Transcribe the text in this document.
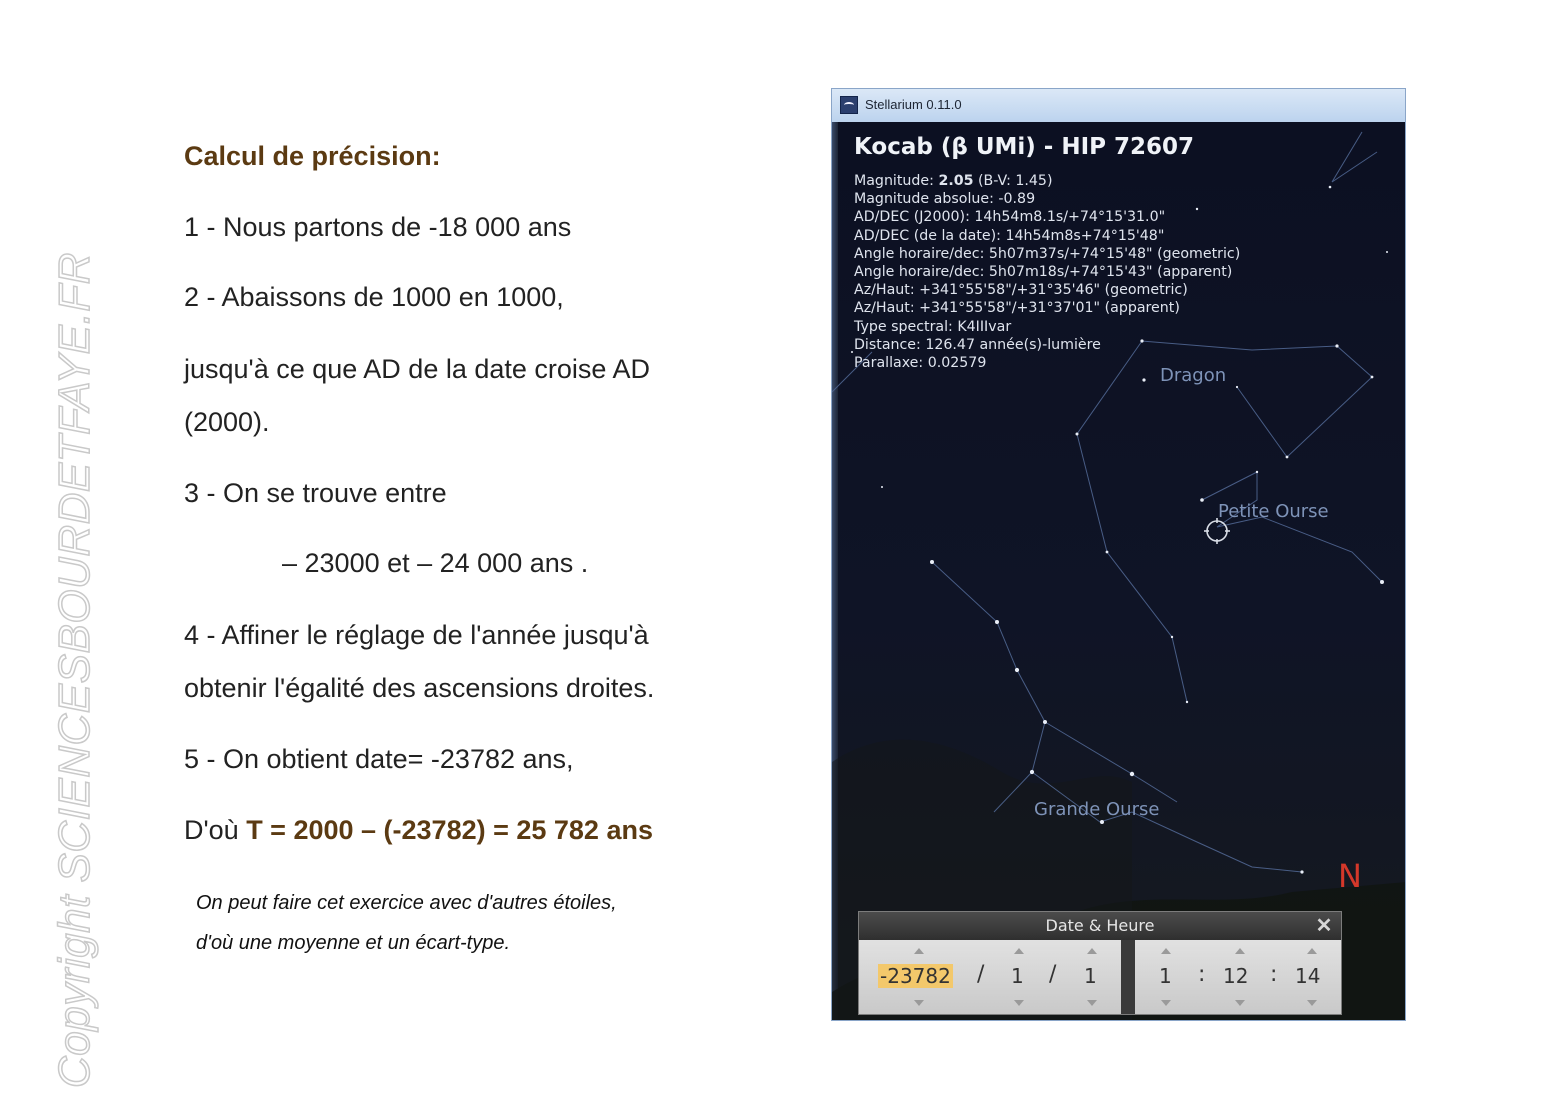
Copyright SCIENCESBOURDETFAYE.FR
Calcul de précision:
1 - Nous partons de -18 000 ans
2 - Abaissons de 1000 en 1000,
jusqu'à ce que AD de la date croise AD
(2000).
3 - On se trouve entre
– 23000 et – 24 000 ans .
4 - Affiner le réglage de l'année jusqu'à
obtenir l'égalité des ascensions droites.
5 - On obtient date= -23782 ans,
D'où T = 2000 – (-23782) = 25 782 ans
On peut faire cet exercice avec d'autres étoiles,
d'où une moyenne et un écart-type.
Stellarium 0.11.0
Kocab (β UMi) - HIP 72607
Magnitude: 2.05 (B-V: 1.45)
Magnitude absolue: -0.89
AD/DEC (J2000): 14h54m8.1s/+74°15'31.0"
AD/DEC (de la date): 14h54m8s+74°15'48"
Angle horaire/dec: 5h07m37s/+74°15'48" (geometric)
Angle horaire/dec: 5h07m18s/+74°15'43" (apparent)
Az/Haut: +341°55'58"/+31°35'46" (geometric)
Az/Haut: +341°55'58"/+31°37'01" (apparent)
Type spectral: K4IIIvar
Distance: 126.47 année(s)-lumière
Parallaxe: 0.02579
Dragon
Petite Ourse
Grande Ourse
N
Date & Heure	✕
-23782 / 1 / 1	1 : 12 : 14
